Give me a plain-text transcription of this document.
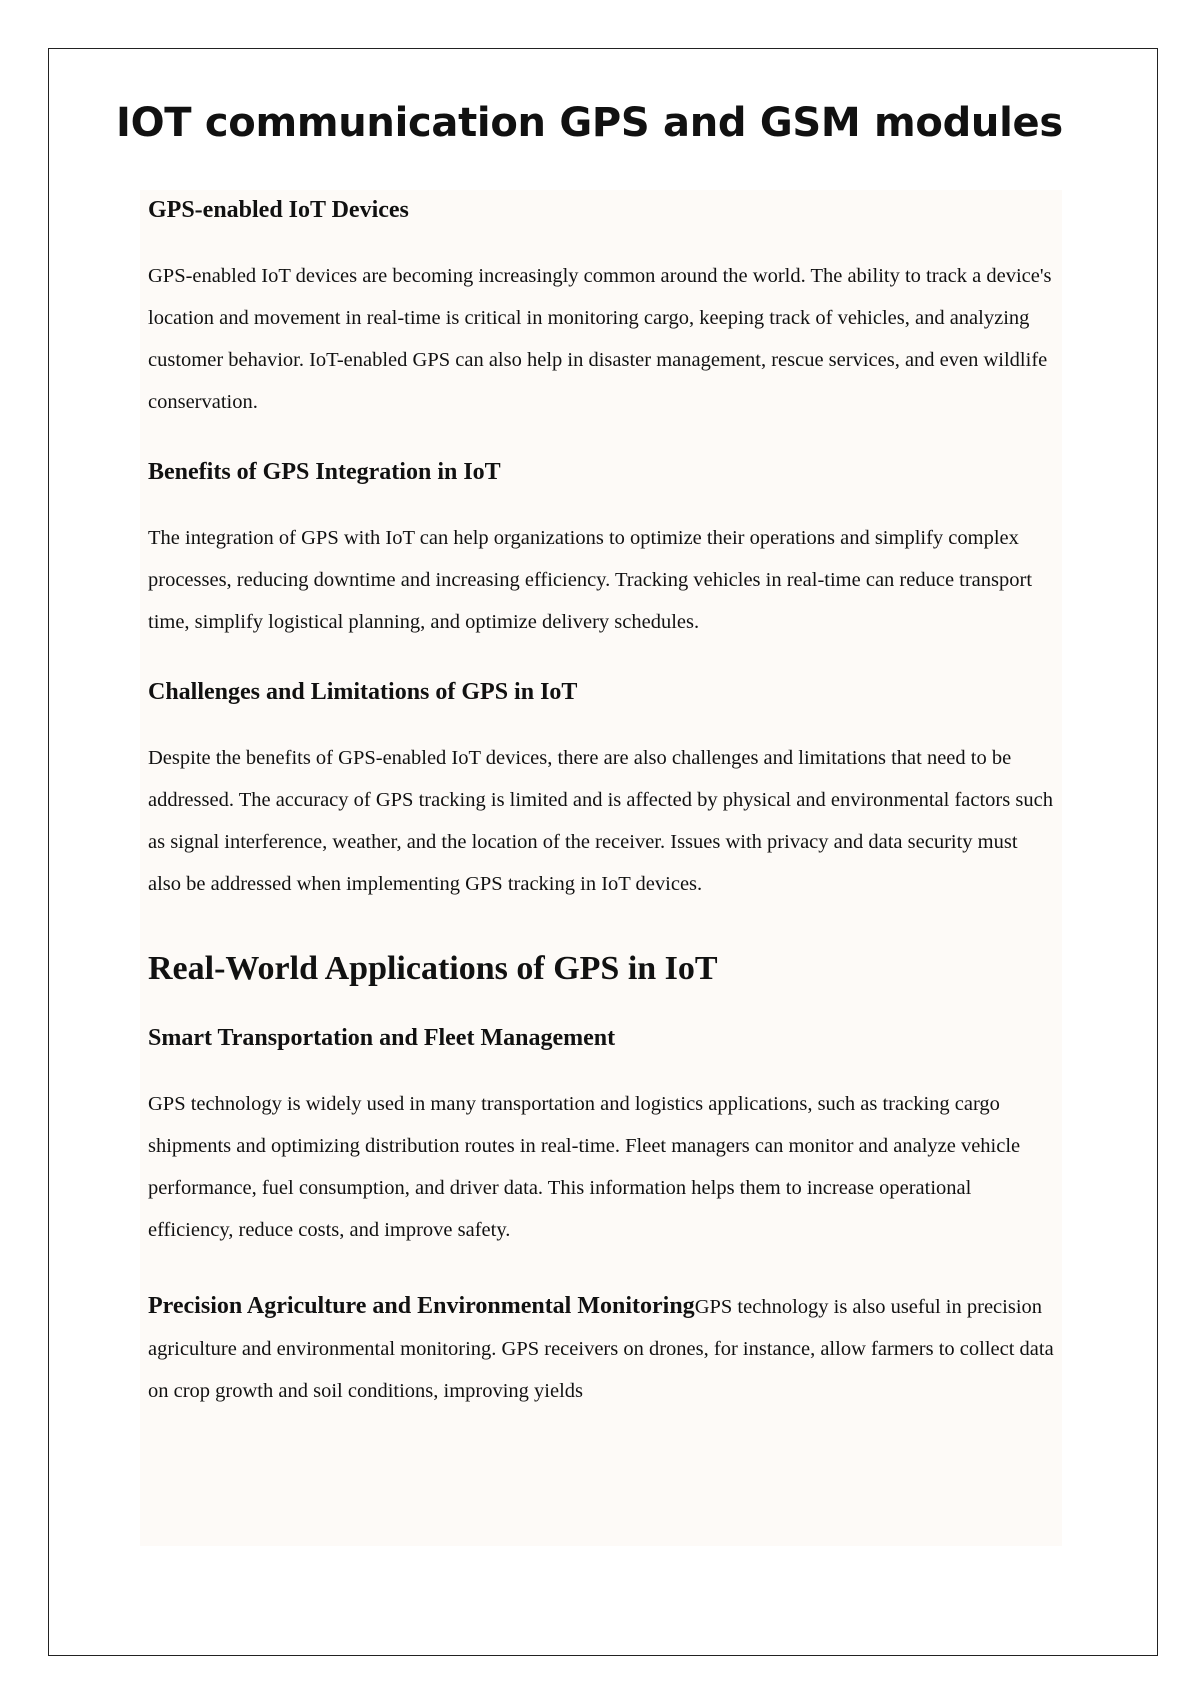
IOT communication GPS and GSM modules
GPS-enabled IoT Devices

GPS-enabled IoT devices are becoming increasingly common around the world. The ability to track a device's location and movement in real-time is critical in monitoring cargo, keeping track of vehicles, and analyzing customer behavior. IoT-enabled GPS can also help in disaster management, rescue services, and even wildlife conservation.

Benefits of GPS Integration in IoT

The integration of GPS with IoT can help organizations to optimize their operations and simplify complex processes, reducing downtime and increasing efficiency. Tracking vehicles in real-time can reduce transport time, simplify logistical planning, and optimize delivery schedules.

Challenges and Limitations of GPS in IoT

Despite the benefits of GPS-enabled IoT devices, there are also challenges and limitations that need to be addressed. The accuracy of GPS tracking is limited and is affected by physical and environmental factors such as signal interference, weather, and the location of the receiver. Issues with privacy and data security must also be addressed when implementing GPS tracking in IoT devices.

Real-World Applications of GPS in IoT
Smart Transportation and Fleet Management

GPS technology is widely used in many transportation and logistics applications, such as tracking cargo shipments and optimizing distribution routes in real-time. Fleet managers can monitor and analyze vehicle performance, fuel consumption, and driver data. This information helps them to increase operational efficiency, reduce costs, and improve safety.

Precision Agriculture and Environmental MonitoringGPS technology is also useful in precision agriculture and environmental monitoring. GPS receivers on drones, for instance, allow farmers to collect data on crop growth and soil conditions, improving yields
